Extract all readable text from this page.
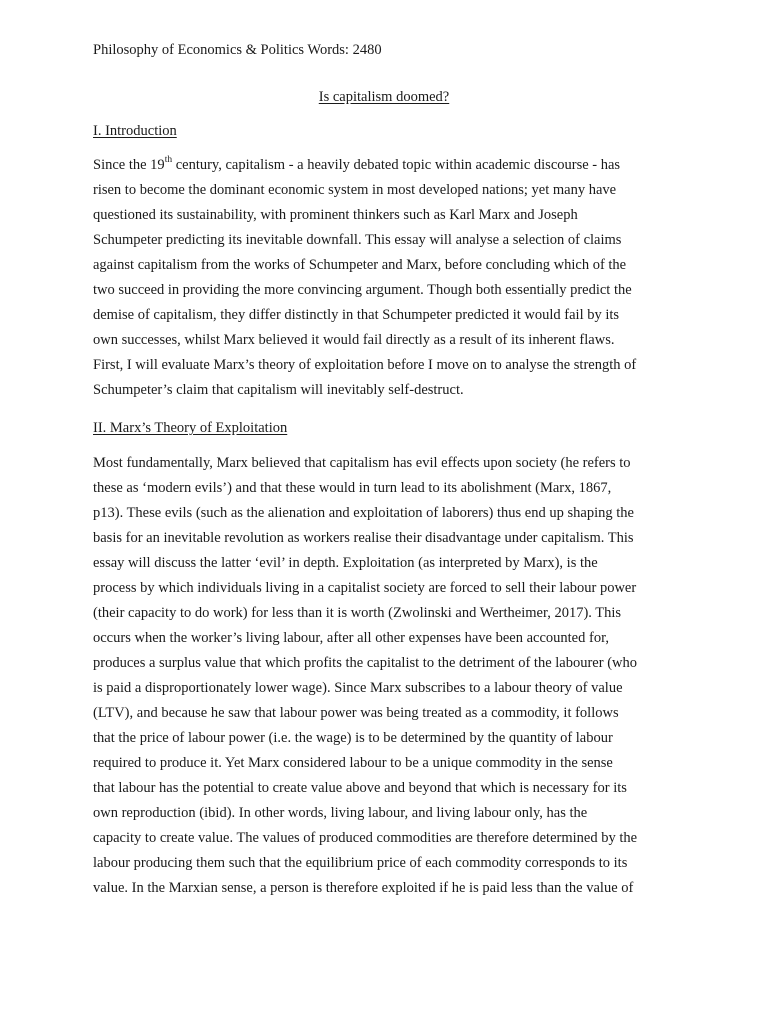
Philosophy of Economics & Politics Words: 2480
Is capitalism doomed?
I. Introduction
Since the 19th century, capitalism - a heavily debated topic within academic discourse - has
risen to become the dominant economic system in most developed nations; yet many have
questioned its sustainability, with prominent thinkers such as Karl Marx and Joseph
Schumpeter predicting its inevitable downfall. This essay will analyse a selection of claims
against capitalism from the works of Schumpeter and Marx, before concluding which of the
two succeed in providing the more convincing argument. Though both essentially predict the
demise of capitalism, they differ distinctly in that Schumpeter predicted it would fail by its
own successes, whilst Marx believed it would fail directly as a result of its inherent flaws.
First, I will evaluate Marx’s theory of exploitation before I move on to analyse the strength of
Schumpeter’s claim that capitalism will inevitably self-destruct.
II. Marx’s Theory of Exploitation
Most fundamentally, Marx believed that capitalism has evil effects upon society (he refers to
these as ‘modern evils’) and that these would in turn lead to its abolishment (Marx, 1867,
p13). These evils (such as the alienation and exploitation of laborers) thus end up shaping the
basis for an inevitable revolution as workers realise their disadvantage under capitalism. This
essay will discuss the latter ‘evil’ in depth. Exploitation (as interpreted by Marx), is the
process by which individuals living in a capitalist society are forced to sell their labour power
(their capacity to do work) for less than it is worth (Zwolinski and Wertheimer, 2017). This
occurs when the worker’s living labour, after all other expenses have been accounted for,
produces a surplus value that which profits the capitalist to the detriment of the labourer (who
is paid a disproportionately lower wage). Since Marx subscribes to a labour theory of value
(LTV), and because he saw that labour power was being treated as a commodity, it follows
that the price of labour power (i.e. the wage) is to be determined by the quantity of labour
required to produce it. Yet Marx considered labour to be a unique commodity in the sense
that labour has the potential to create value above and beyond that which is necessary for its
own reproduction (ibid). In other words, living labour, and living labour only, has the
capacity to create value. The values of produced commodities are therefore determined by the
labour producing them such that the equilibrium price of each commodity corresponds to its
value. In the Marxian sense, a person is therefore exploited if he is paid less than the value of
